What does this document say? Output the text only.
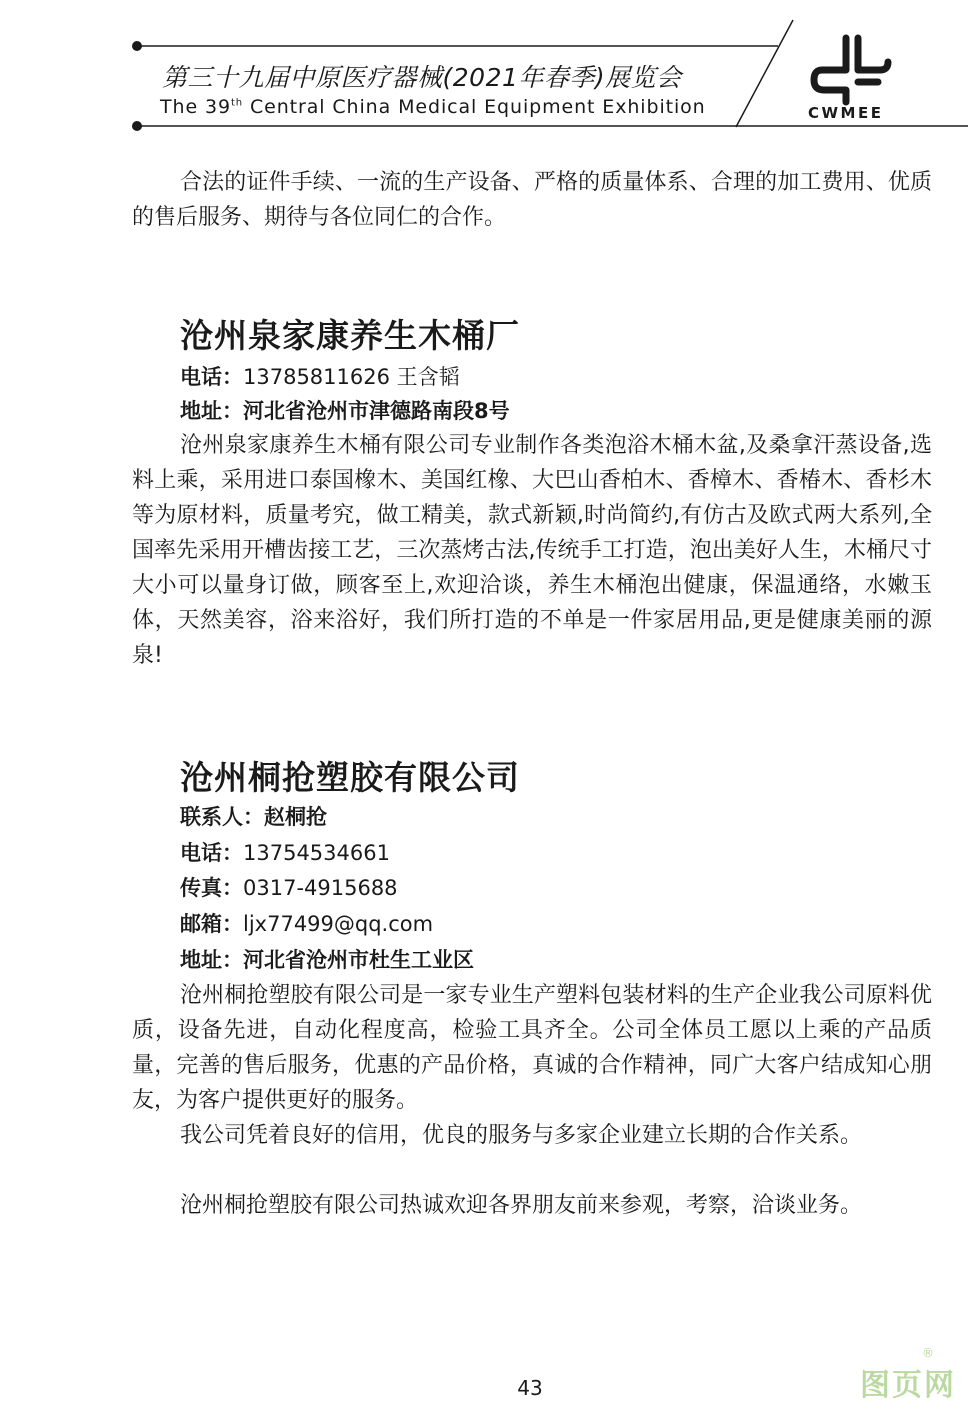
第三十九届中原医疗器械(2021年春季)展览会
The 39th Central China Medical Equipment Exhibition	CWMEE
合法的证件手续、一流的生产设备、严格的质量体系、合理的加工费用、优质的售后服务、期待与各位同仁的合作。
沧州泉家康养生木桶厂
电话：13785811626 王含韬
地址：河北省沧州市津德路南段8号
沧州泉家康养生木桶有限公司专业制作各类泡浴木桶木盆,及桑拿汗蒸设备,选料上乘，采用进口泰国橡木、美国红橡、大巴山香柏木、香樟木、香椿木、香杉木等为原材料，质量考究，做工精美，款式新颖,时尚简约,有仿古及欧式两大系列,全国率先采用开槽齿接工艺，三次蒸烤古法,传统手工打造，泡出美好人生，木桶尺寸大小可以量身订做，顾客至上,欢迎洽谈，养生木桶泡出健康，保温通络，水嫩玉体，天然美容，浴来浴好，我们所打造的不单是一件家居用品,更是健康美丽的源泉!
沧州桐抢塑胶有限公司
联系人：赵桐抢
电话：13754534661
传真：0317-4915688
邮箱：ljx77499@qq.com
地址：河北省沧州市杜生工业区
沧州桐抢塑胶有限公司是一家专业生产塑料包装材料的生产企业我公司原料优质，设备先进，自动化程度高，检验工具齐全。公司全体员工愿以上乘的产品质量，完善的售后服务，优惠的产品价格，真诚的合作精神，同广大客户结成知心朋友，为客户提供更好的服务。
我公司凭着良好的信用，优良的服务与多家企业建立长期的合作关系。
沧州桐抢塑胶有限公司热诚欢迎各界朋友前来参观，考察，洽谈业务。
43	图页网
®
